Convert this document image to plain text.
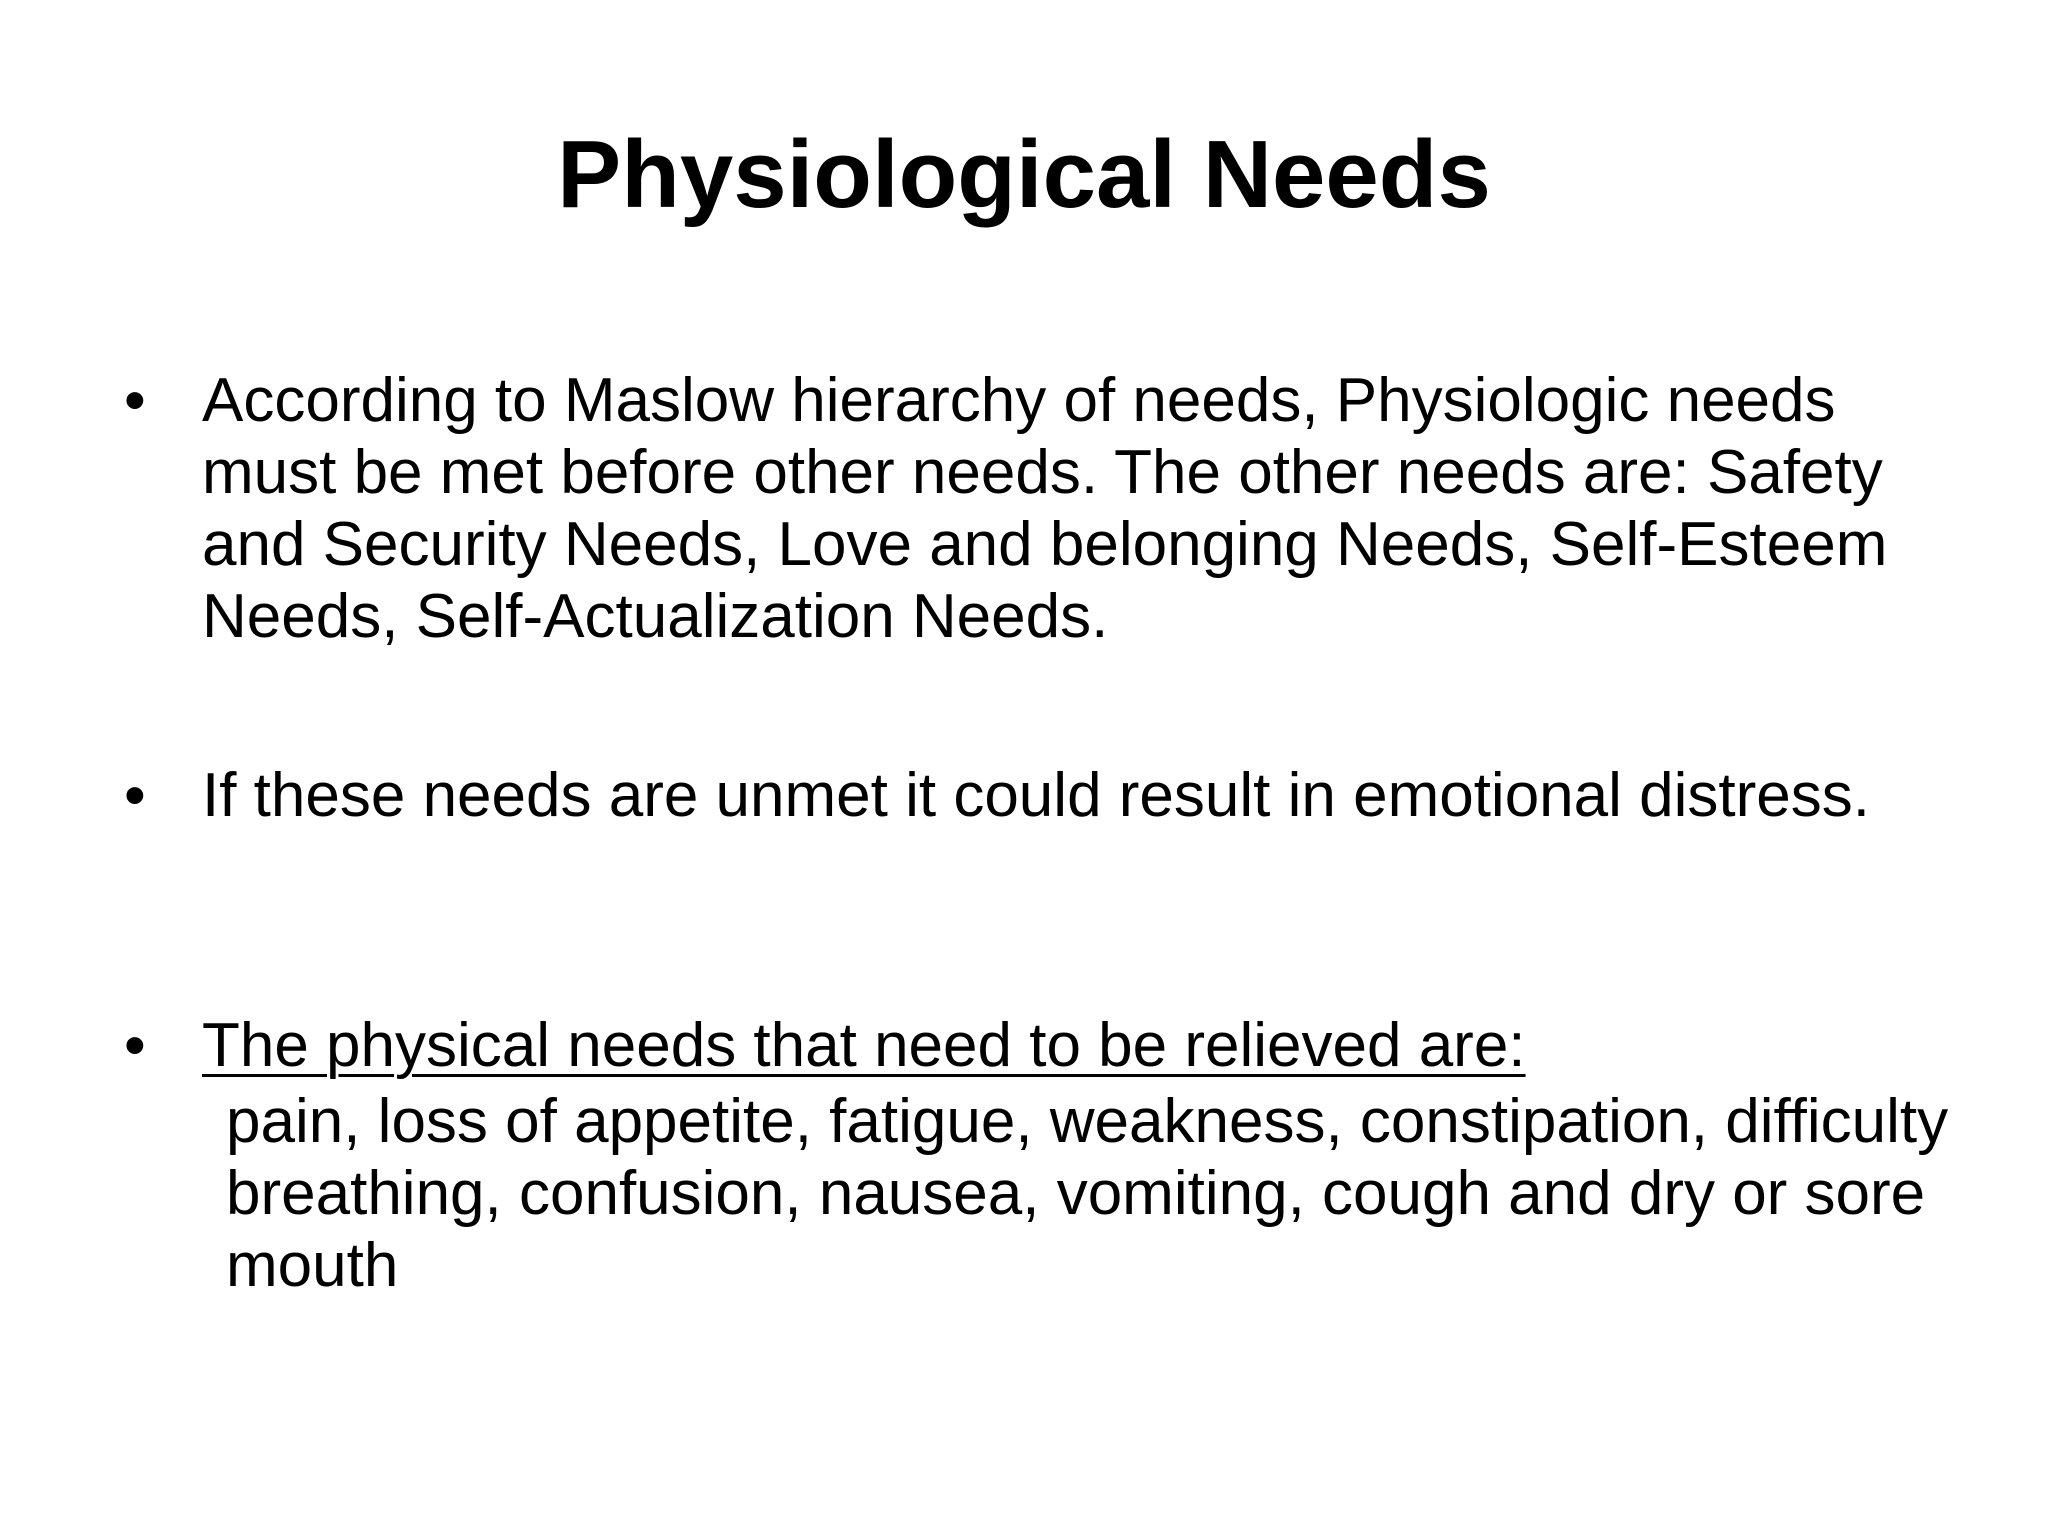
Physiological Needs
• According to Maslow hierarchy of needs, Physiologic needs must be met before other needs. The other needs are: Safety and Security Needs, Love and belonging Needs, Self-Esteem Needs, Self-Actualization Needs.
• If these needs are unmet it could result in emotional distress.
• The physical needs that need to be relieved are:
pain, loss of appetite, fatigue, weakness, constipation, difficulty breathing, confusion, nausea, vomiting, cough and dry or sore mouth
